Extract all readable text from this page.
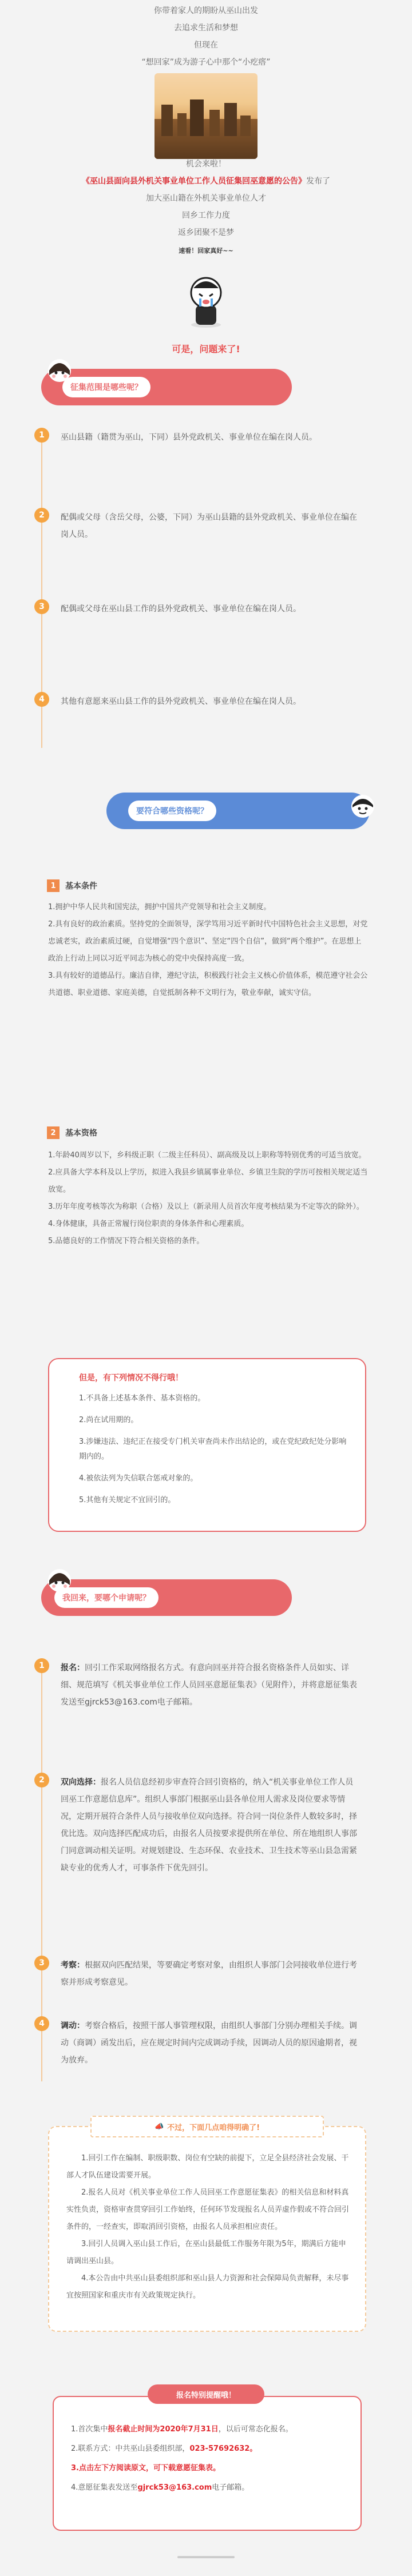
你带着家人的期盼从巫山出发

去追求生活和梦想

但现在

“想回家”成为游子心中那个“小疙瘩”

机会来啦！

《巫山县面向县外机关事业单位工作人员征集回巫意愿的公告》发布了

加大巫山籍在外机关事业单位人才

回乡工作力度

返乡团聚不是梦

速看！回家真好~~

可是，问题来了!

征集范围是哪些呢？
1	巫山县籍（籍贯为巫山，下同）县外党政机关、事业单位在编在岗人员。
2	配偶或父母（含岳父母，公婆，下同）为巫山县籍的县外党政机关、事业单位在编在岗人员。
3	配偶或父母在巫山县工作的县外党政机关、事业单位在编在岗人员。
4	其他有意愿来巫山县工作的县外党政机关、事业单位在编在岗人员。
要符合哪些资格呢？
1	基本条件

1.拥护中华人民共和国宪法，拥护中国共产党领导和社会主义制度。

2.具有良好的政治素质。坚持党的全面领导，深学笃用习近平新时代中国特色社会主义思想，对党忠诚老实，政治素质过硬，自觉增强“四个意识”、坚定“四个自信”，做到“两个维护”。在思想上政治上行动上同以习近平同志为核心的党中央保持高度一致。

3.具有较好的道德品行。廉洁自律，遵纪守法，积极践行社会主义核心价值体系，模范遵守社会公共道德、职业道德、家庭美德，自觉抵制各种不文明行为，敬业奉献，诚实守信。

2	基本资格

1.年龄40周岁以下，乡科级正职（二级主任科员）、副高级及以上职称等特别优秀的可适当放宽。

2.应具备大学本科及以上学历，拟进入我县乡镇属事业单位、乡镇卫生院的学历可按相关规定适当放宽。

3.历年年度考核等次为称职（合格）及以上（新录用人员首次年度考核结果为不定等次的除外）。

4.身体健康，具备正常履行岗位职责的身体条件和心理素质。

5.品德良好的工作情况下符合相关资格的条件。

但是，有下列情况不得行哦！
1.不具备上述基本条件、基本资格的。
2.尚在试用期的。
3.涉嫌违法、违纪正在接受专门机关审查尚未作出结论的，或在党纪政纪处分影响期内的。
4.被依法列为失信联合惩戒对象的。
5.其他有关规定不宜回引的。
我回来，要哪个申请呢？
1	报名：回引工作采取网络报名方式。有意向回巫并符合报名资格条件人员如实、详细、规范填写《机关事业单位工作人员回巫意愿征集表》（见附件），并将意愿征集表发送至gjrck53@163.com电子邮箱。
2	双向选择：报名人员信息经初步审查符合回引资格的，纳入“机关事业单位工作人员回巫工作意愿信息库”。组织人事部门根据巫山县各单位用人需求及岗位要求等情况，定期开展符合条件人员与接收单位双向选择。符合同一岗位条件人数较多时，择优比选。双向选择匹配成功后，由报名人员按要求提供所在单位、所在地组织人事部门同意调动相关证明。对规划建设、生态环保、农业技术、卫生技术等巫山县急需紧缺专业的优秀人才，可事条件下优先回引。
3	考察：根据双向匹配结果，等要确定考察对象，由组织人事部门会同接收单位进行考察并形成考察意见。
4	调动：考察合格后，按照干部人事管理权限，由组织人事部门分别办理相关手续。调动（商调）函发出后，应在规定时间内完成调动手续，因调动人员的原因逾期者，视为放弃。

1.回引工作在编制、职级职数、岗位有空缺的前提下，立足全县经济社会发展、干部人才队伍建设需要开展。

2.报名人员对《机关事业单位工作人员回巫工作意愿征集表》的相关信息和材料真实性负责，资格审查贯穿回引工作始终，任何环节发现报名人员弄虚作假或不符合回引条件的，一经查实，即取消回引资格，由报名人员承担相应责任。

3.回引人员调入巫山县工作后，在巫山县最低工作服务年限为5年，期满后方能申请调出巫山县。

4.本公告由中共巫山县委组织部和巫山县人力资源和社会保障局负责解释，未尽事宜按照国家和重庆市有关政策规定执行。

📣 不过，下面几点咱得明确了!

1.首次集中报名截止时间为2020年7月31日，以后可常态化报名。

2.联系方式：中共巫山县委组织部，023-57692632。

3.点击左下方阅读原文，可下载意愿征集表。

4.意愿征集表发送至gjrck53@163.com电子邮箱。

报名特别提醒哦！
